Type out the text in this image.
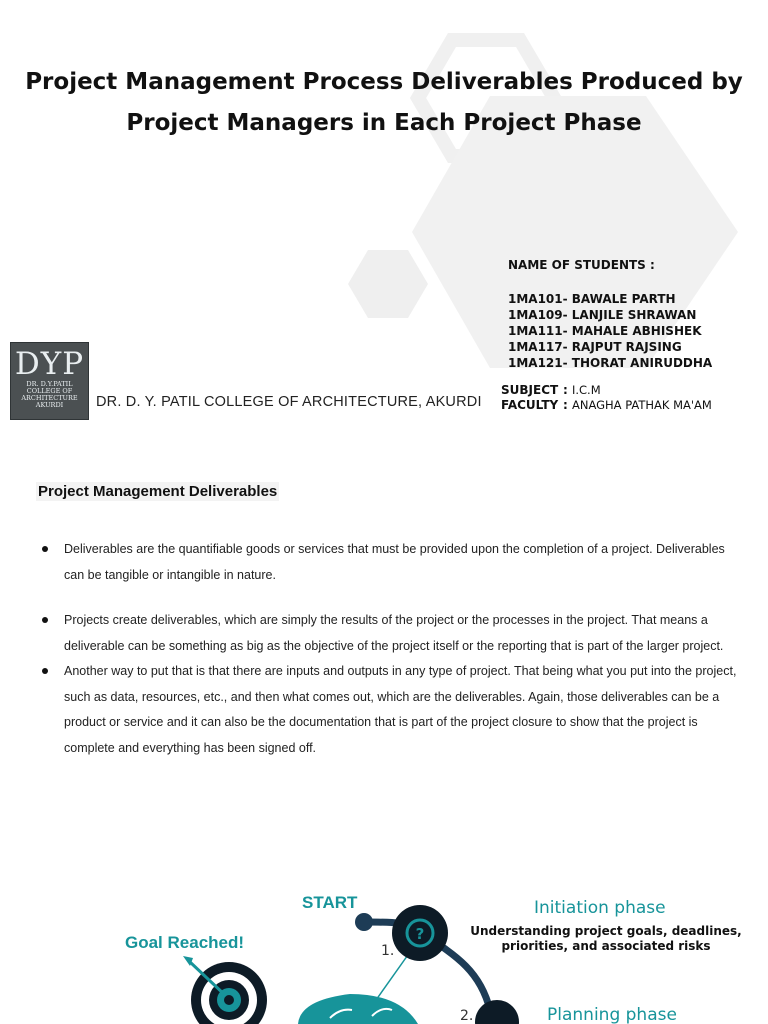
Project Management Process Deliverables Produced by
Project Managers in Each Project Phase
NAME OF STUDENTS :
1MA101- BAWALE PARTH
1MA109- LANJILE SHRAWAN
1MA111- MAHALE ABHISHEK
1MA117- RAJPUT RAJSING
1MA121- THORAT ANIRUDDHA
SUBJECT : I.C.M
FACULTY : ANAGHA PATHAK MA'AM
DYP
DR. D.Y.PATIL
COLLEGE OF
ARCHITECTURE
AKURDI	DR. D. Y. PATIL COLLEGE OF ARCHITECTURE, AKURDI
Project Management Deliverables
Deliverables are the quantifiable goods or services that must be provided upon the completion of a project. Deliverables can be tangible or intangible in nature.
Projects create deliverables, which are simply the results of the project or the processes in the project. That means a deliverable can be something as big as the objective of the project itself or the reporting that is part of the larger project.
Another way to put that is that there are inputs and outputs in any type of project. That being what you put into the project, such as data, resources, etc., and then what comes out, which are the deliverables. Again, those deliverables can be a product or service and it can also be the documentation that is part of the project closure to show that the project is complete and everything has been signed off.
?
START
Goal Reached!
Initiation phase
Understanding project goals, deadlines,
priorities, and associated risks
Planning phase
1.
2.
